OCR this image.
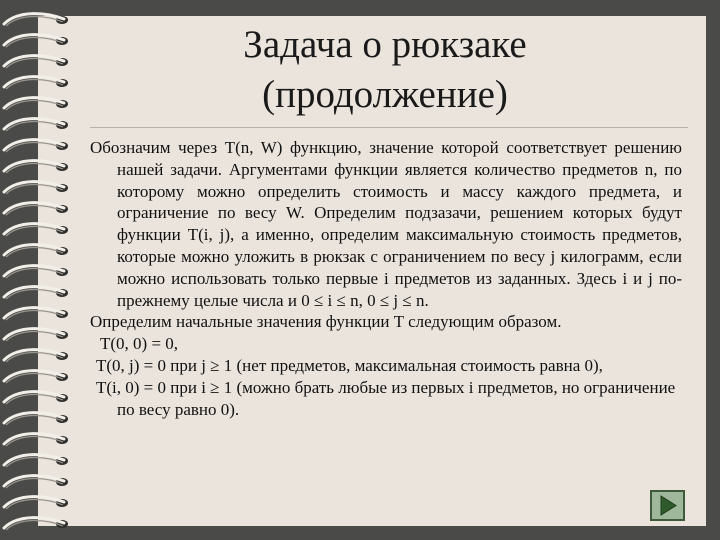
Задача о рюкзаке
(продолжение)

Обозначим через T(n, W) функцию, значение которой соответствует решению нашей задачи. Аргументами функции является количество предметов n, по которому можно определить стоимость и массу каждого предмета, и ограничение по весу W. Определим подзазачи, решением которых будут функции T(i, j), а именно, определим максимальную стоимость предметов, которые можно уложить в рюкзак с ограничением по весу j килограмм, если можно использовать только первые i предметов из заданных. Здесь i и j по-прежнему целые числа и 0 ≤ i ≤ n, 0 ≤ j ≤ n.

Определим начальные значения функции T следующим образом.

T(0, 0) = 0,

T(0, j) = 0 при j ≥ 1 (нет предметов, максимальная стоимость равна 0),

T(i, 0) = 0 при i ≥ 1 (можно брать любые из первых i предметов, но ограничение по весу равно 0).
